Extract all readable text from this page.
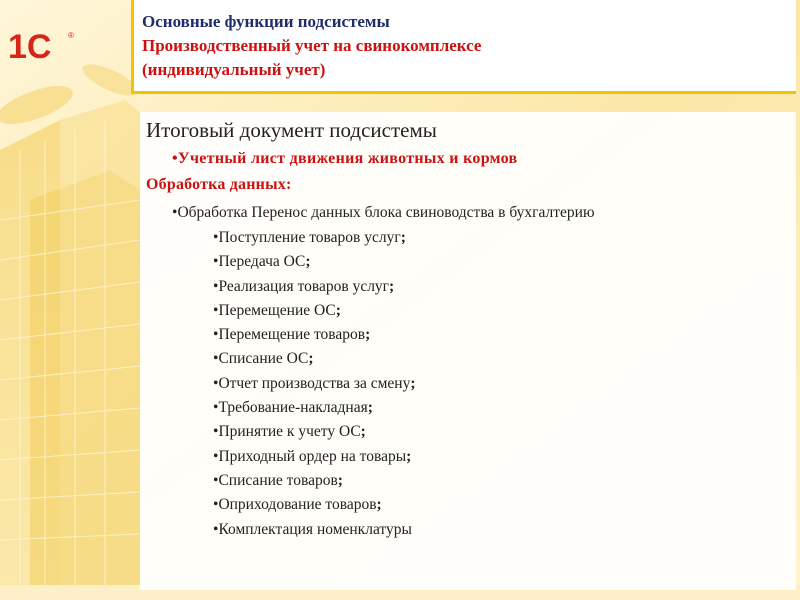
1С ®

Основные функции подсистемы

Производственный учет на свинокомплексе

(индивидуальный учет)

Итоговый документ подсистемы

•Учетный лист движения животных и кормов

Обработка данных:

•Обработка Перенос данных блока свиноводства в бухгалтерию

•Поступление товаров услуг;
•Передача ОС;
•Реализация товаров услуг;
•Перемещение ОС;
•Перемещение товаров;
•Списание ОС;
•Отчет производства за смену;
•Требование-накладная;
•Принятие к учету ОС;
•Приходный ордер на товары;
•Списание товаров;
•Оприходование товаров;
•Комплектация номенклатуры
